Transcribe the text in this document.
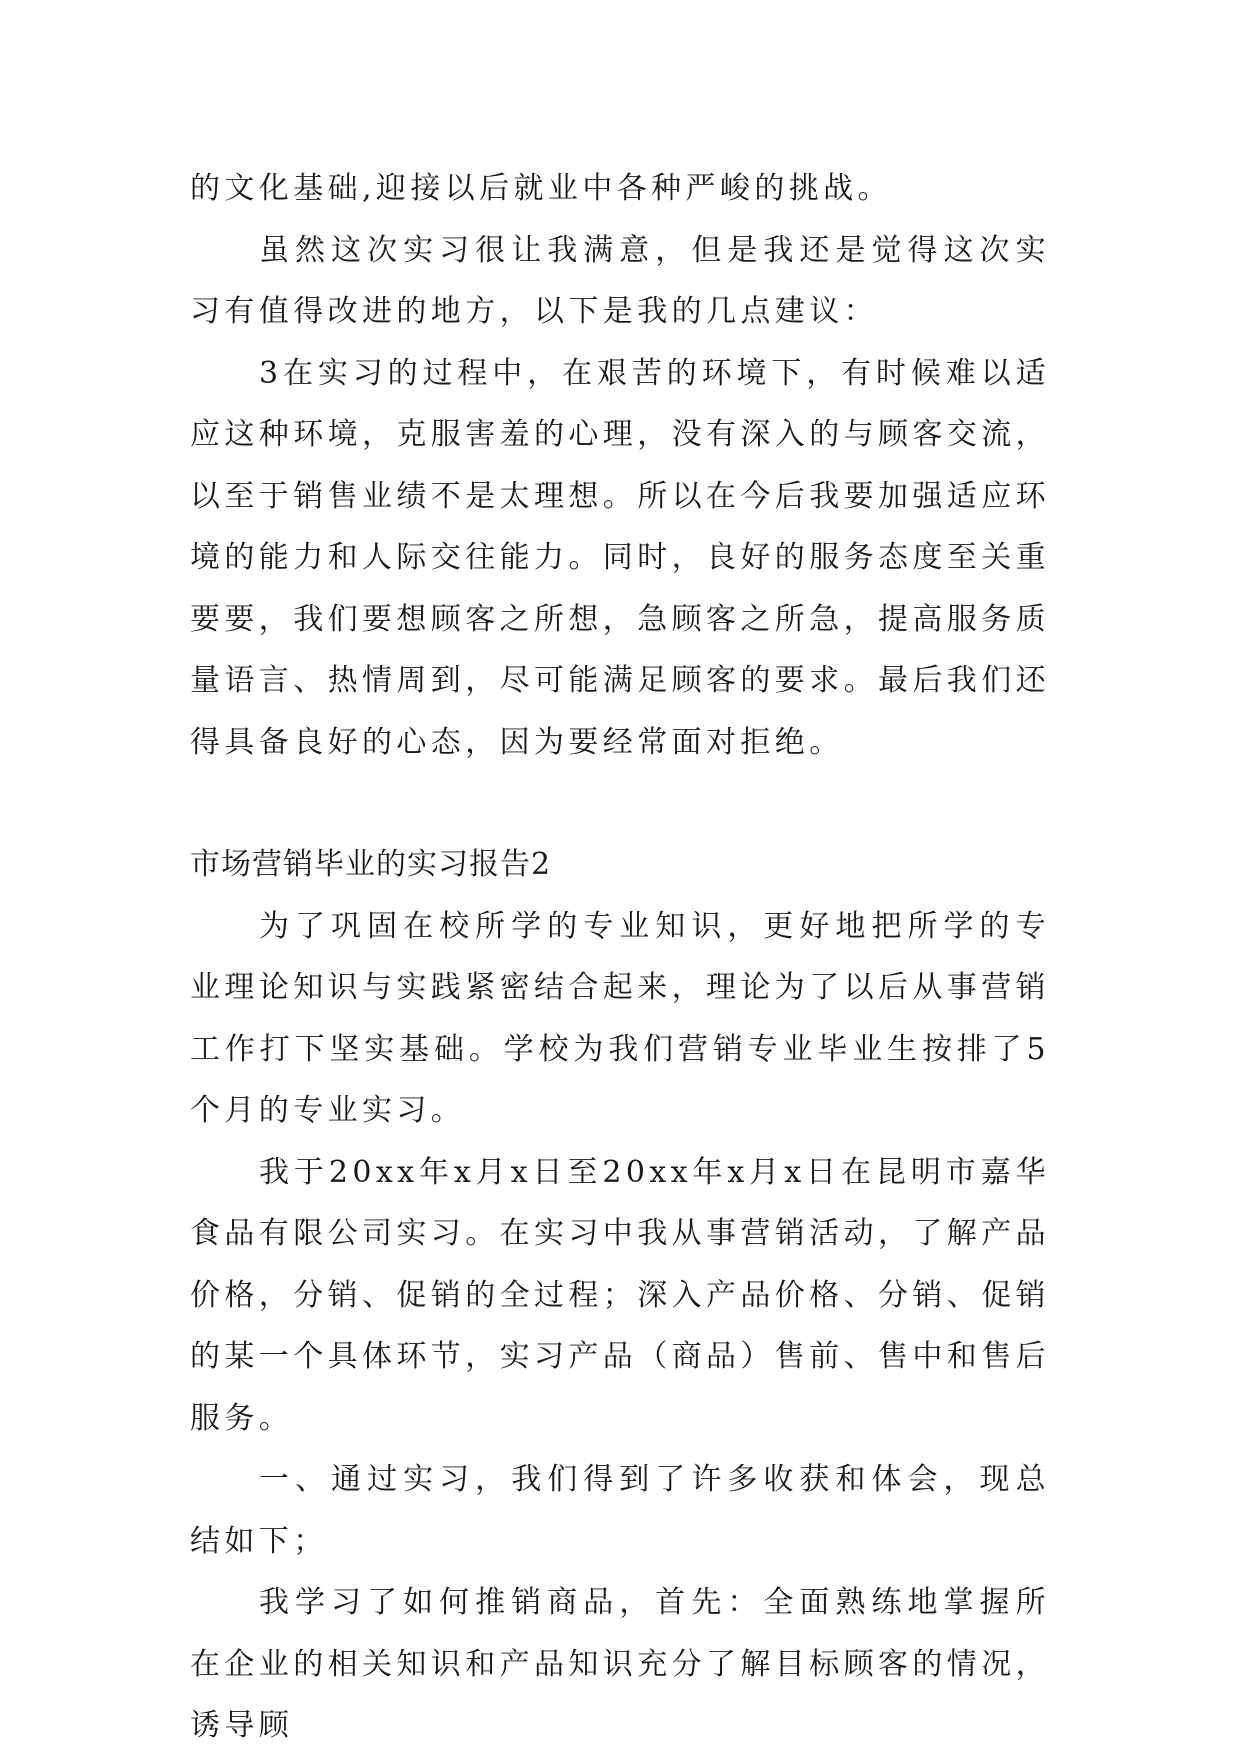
的文化基础,迎接以后就业中各种严峻的挑战。

虽然这次实习很让我满意，但是我还是觉得这次实习有值得改进的地方，以下是我的几点建议：

3在实习的过程中，在艰苦的环境下，有时候难以适应这种环境，克服害羞的心理，没有深入的与顾客交流，以至于销售业绩不是太理想。所以在今后我要加强适应环境的能力和人际交往能力。同时，良好的服务态度至关重要要，我们要想顾客之所想，急顾客之所急，提高服务质量语言、热情周到，尽可能满足顾客的要求。最后我们还得具备良好的心态，因为要经常面对拒绝。

市场营销毕业的实习报告2

为了巩固在校所学的专业知识，更好地把所学的专业理论知识与实践紧密结合起来，理论为了以后从事营销工作打下坚实基础。学校为我们营销专业毕业生按排了5个月的专业实习。

我于20xx年x月x日至20xx年x月x日在昆明市嘉华食品有限公司实习。在实习中我从事营销活动，了解产品价格，分销、促销的全过程；深入产品价格、分销、促销的某一个具体环节，实习产品（商品）售前、售中和售后服务。

一、通过实习，我们得到了许多收获和体会，现总结如下；

我学习了如何推销商品，首先：全面熟练地掌握所在企业的相关知识和产品知识充分了解目标顾客的情况，诱导顾
